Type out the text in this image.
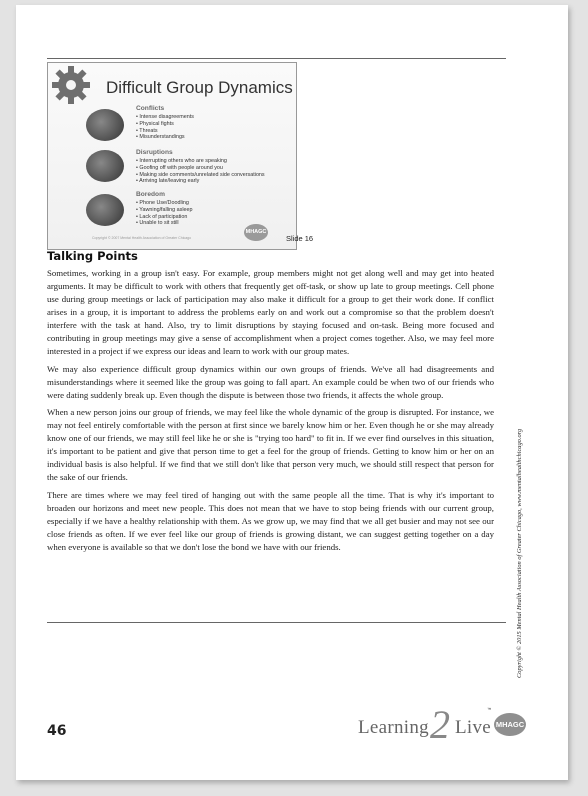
Difficult Group Dynamics
Conflicts
• Intense disagreements
• Physical fights
• Threats
• Misunderstandings
Disruptions
• Interrupting others who are speaking
• Goofing off with people around you
• Making side comments/unrelated side conversations
• Arriving late/leaving early
Boredom
• Phone Use/Doodling
• Yawning/falling asleep
• Lack of participation
• Unable to sit still
Copyright © 2007 Mental Health Association of Greater Chicago
MHAGC
Slide 16
Talking Points

Sometimes, working in a group isn't easy. For example, group members might not get along well and may get into heated arguments. It may be difficult to work with others that frequently get off-task, or show up late to group meetings. Cell phone use during group meetings or lack of participation may also make it difficult for a group to get their work done. If conflict arises in a group, it is important to address the problems early on and work out a compromise so that the problem doesn't interfere with the task at hand. Also, try to limit disruptions by staying focused and on-task. Being more focused and contributing in group meetings may give a sense of accomplishment when a project comes together. Also, we may feel more interested in a project if we express our ideas and learn to work with our group mates.

We may also experience difficult group dynamics within our own groups of friends. We've all had disagreements and misunderstandings where it seemed like the group was going to fall apart. An example could be when two of our friends who were dating suddenly break up. Even though the dispute is between those two friends, it affects the whole group.

When a new person joins our group of friends, we may feel like the whole dynamic of the group is disrupted. For instance, we may not feel entirely comfortable with the person at first since we barely know him or her. Even though he or she may already know one of our friends, we may still feel like he or she is "trying too hard" to fit in. If we ever find ourselves in this situation, it's important to be patient and give that person time to get a feel for the group of friends. Getting to know him or her on an individual basis is also helpful. If we find that we still don't like that person very much, we should still respect that person for the sake of our friends.

There are times where we may feel tired of hanging out with the same people all the time. That is why it's important to broaden our horizons and meet new people. This does not mean that we have to stop being friends with our current group, especially if we have a healthy relationship with them. As we grow up, we may find that we all get busier and may not see our close friends as often. If we ever feel like our group of friends is growing distant, we can suggest getting together on a day when everyone is available so that we don't lose the bond we have with our friends.	Copyright © 2015 Mental Health Association of Greater Chicago, www.mentalhealthchicago.org
46	2
Learning Live
™
MHAGC
